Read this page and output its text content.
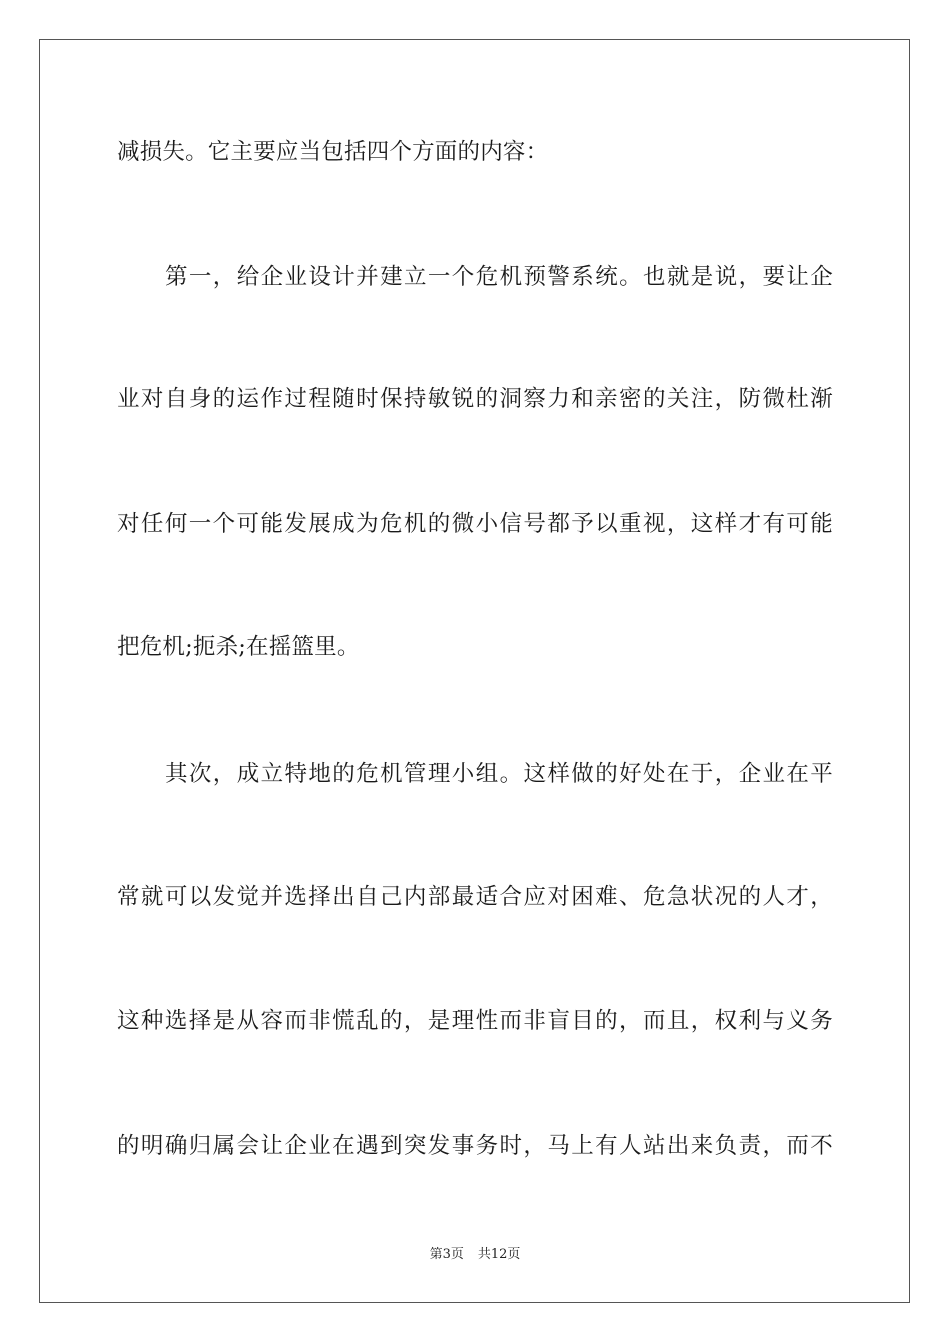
减损失。它主要应当包括四个方面的内容：
第一，给企业设计并建立一个危机预警系统。也就是说，要让企
业对自身的运作过程随时保持敏锐的洞察力和亲密的关注，防微杜渐
对任何一个可能发展成为危机的微小信号都予以重视，这样才有可能
把危机;扼杀;在摇篮里。
其次，成立特地的危机管理小组。这样做的好处在于，企业在平
常就可以发觉并选择出自己内部最适合应对困难、危急状况的人才，
这种选择是从容而非慌乱的，是理性而非盲目的，而且，权利与义务
的明确归属会让企业在遇到突发事务时，马上有人站出来负责，而不
第3页 共12页
